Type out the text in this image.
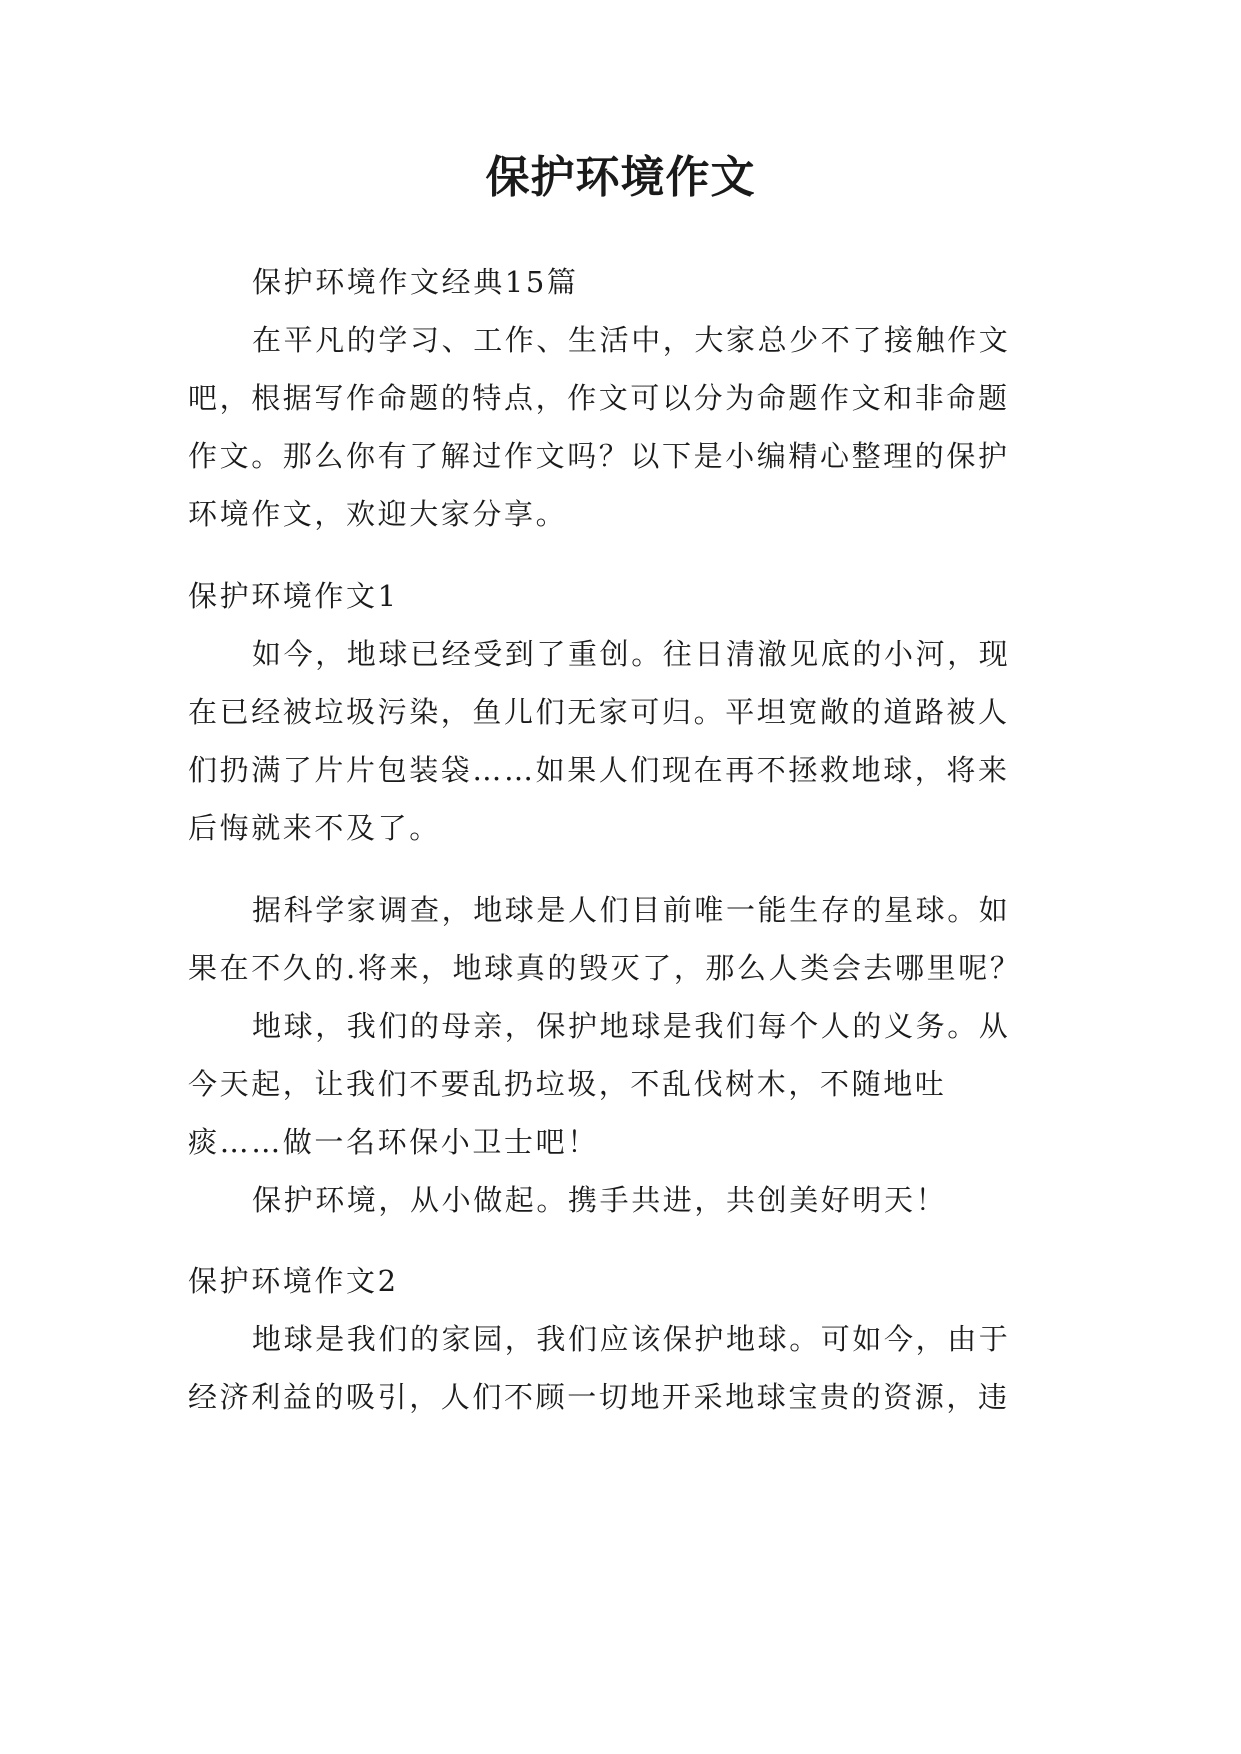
保护环境作文
保护环境作文经典15篇
在平凡的学习、工作、生活中，大家总少不了接触作文
吧，根据写作命题的特点，作文可以分为命题作文和非命题
作文。那么你有了解过作文吗？以下是小编精心整理的保护
环境作文，欢迎大家分享。
保护环境作文1
如今，地球已经受到了重创。往日清澈见底的小河，现
在已经被垃圾污染，鱼儿们无家可归。平坦宽敞的道路被人
们扔满了片片包装袋……如果人们现在再不拯救地球，将来
后悔就来不及了。
据科学家调查，地球是人们目前唯一能生存的星球。如
果在不久的.将来，地球真的毁灭了，那么人类会去哪里呢？
地球，我们的母亲，保护地球是我们每个人的义务。从
今天起，让我们不要乱扔垃圾，不乱伐树木，不随地吐
痰……做一名环保小卫士吧！
保护环境，从小做起。携手共进，共创美好明天！
保护环境作文2
地球是我们的家园，我们应该保护地球。可如今，由于
经济利益的吸引，人们不顾一切地开采地球宝贵的资源，违
